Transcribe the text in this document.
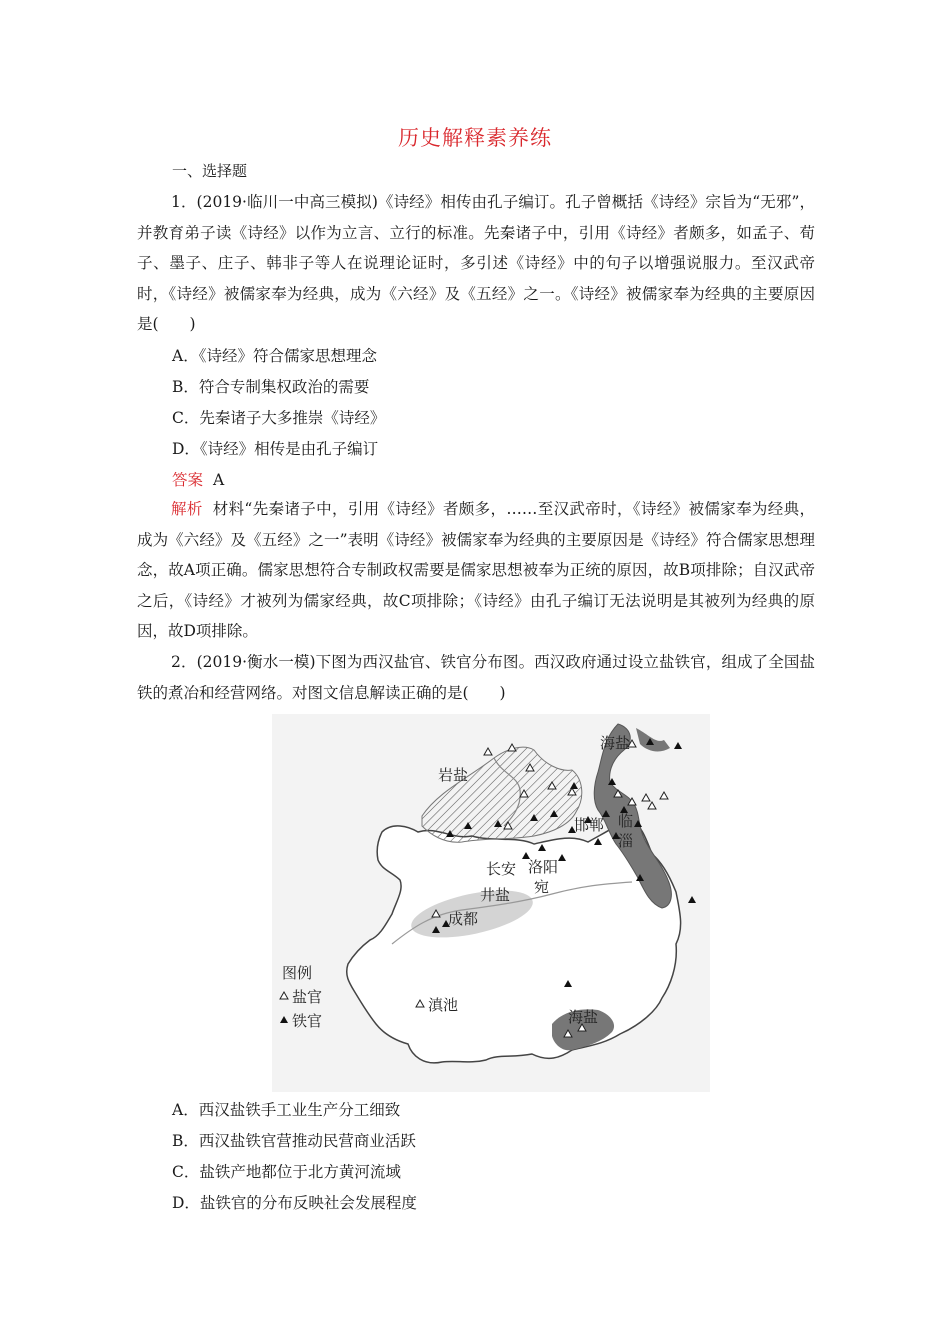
历史解释素养练
一、选择题
1．(2019·临川一中高三模拟)《诗经》相传由孔子编订。孔子曾概括《诗经》宗旨为“无邪”，并教育弟子读《诗经》以作为立言、立行的标准。先秦诸子中，引用《诗经》者颇多，如孟子、荀子、墨子、庄子、韩非子等人在说理论证时，多引述《诗经》中的句子以增强说服力。至汉武帝时，《诗经》被儒家奉为经典，成为《六经》及《五经》之一。《诗经》被儒家奉为经典的主要原因是(　　)
A．《诗经》符合儒家思想理念
B．符合专制集权政治的需要
C．先秦诸子大多推崇《诗经》
D．《诗经》相传是由孔子编订
答案 A
解析 材料“先秦诸子中，引用《诗经》者颇多，……至汉武帝时，《诗经》被儒家奉为经典，成为《六经》及《五经》之一”表明《诗经》被儒家奉为经典的主要原因是《诗经》符合儒家思想理念，故A项正确。儒家思想符合专制政权需要是儒家思想被奉为正统的原因，故B项排除；自汉武帝之后，《诗经》才被列为儒家经典，故C项排除；《诗经》由孔子编订无法说明是其被列为经典的原因，故D项排除。
2．(2019·衡水一模)下图为西汉盐官、铁官分布图。西汉政府通过设立盐铁官，组成了全国盐铁的煮冶和经营网络。对图文信息解读正确的是(　　)
岩盐
海盐
邯郸 临
淄
长安 洛阳
宛
井盐
成都
滇池
海盐
图例
盐官
铁官
A．西汉盐铁手工业生产分工细致
B．西汉盐铁官营推动民营商业活跃
C．盐铁产地都位于北方黄河流域
D．盐铁官的分布反映社会发展程度
